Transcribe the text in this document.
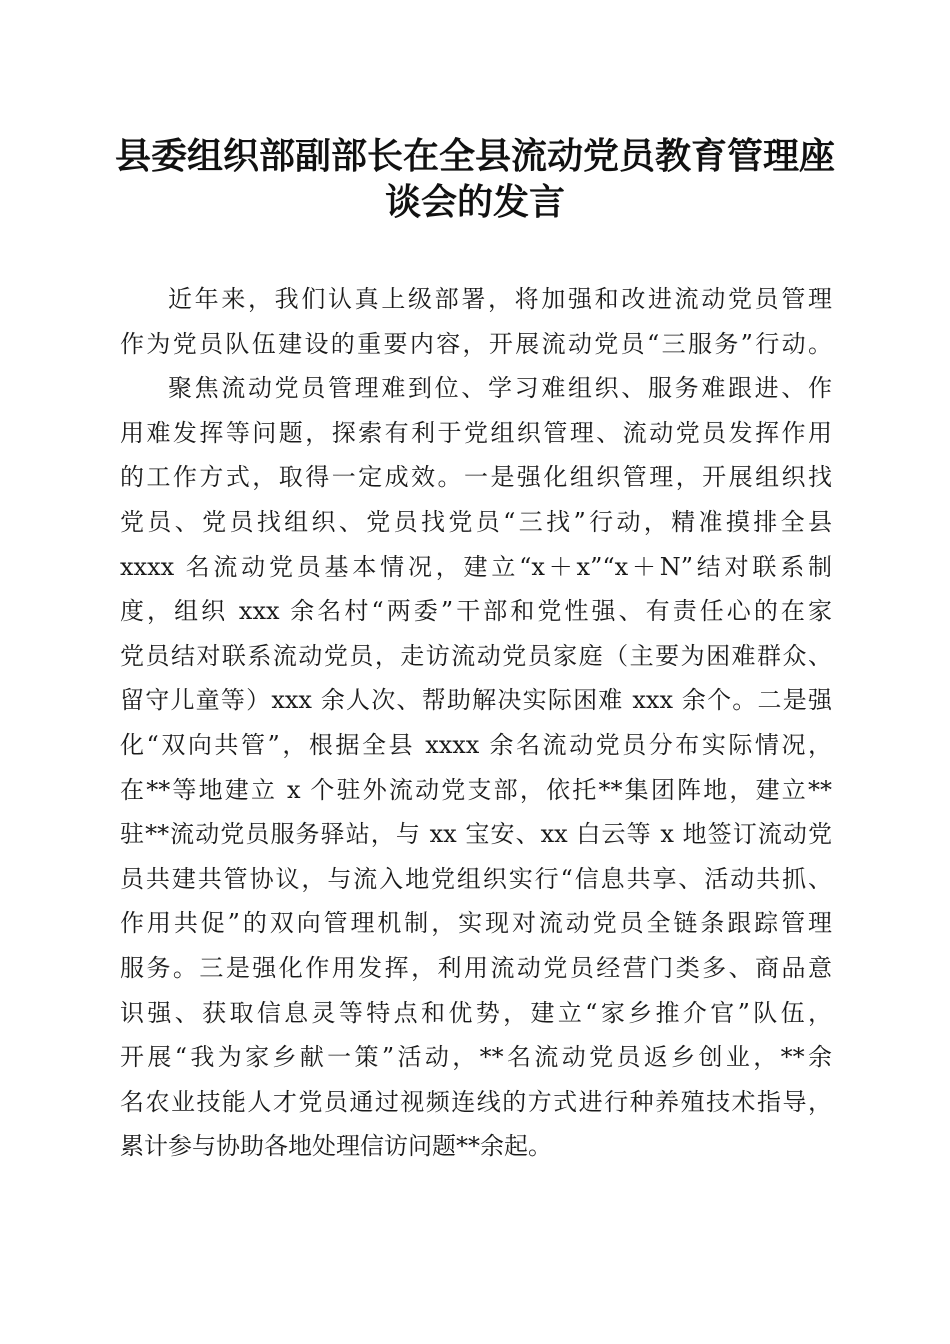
县委组织部副部长在全县流动党员教育管理座
谈会的发言
近年来，我们认真上级部署，将加强和改进流动党员管理
作为党员队伍建设的重要内容，开展流动党员“三服务”行动。
聚焦流动党员管理难到位、学习难组织、服务难跟进、作
用难发挥等问题，探索有利于党组织管理、流动党员发挥作用
的工作方式，取得一定成效。一是强化组织管理，开展组织找
党员、党员找组织、党员找党员“三找”行动，精准摸排全县
xxxx 名流动党员基本情况，建立“x＋x”“x＋N”结对联系制
度，组织 xxx 余名村“两委”干部和党性强、有责任心的在家
党员结对联系流动党员，走访流动党员家庭（主要为困难群众、
留守儿童等）xxx 余人次、帮助解决实际困难 xxx 余个。二是强
化“双向共管”，根据全县 xxxx 余名流动党员分布实际情况，
在**等地建立 x 个驻外流动党支部，依托**集团阵地，建立**
驻**流动党员服务驿站，与 xx 宝安、xx 白云等 x 地签订流动党
员共建共管协议，与流入地党组织实行“信息共享、活动共抓、
作用共促”的双向管理机制，实现对流动党员全链条跟踪管理
服务。三是强化作用发挥，利用流动党员经营门类多、商品意
识强、获取信息灵等特点和优势，建立“家乡推介官”队伍，
开展“我为家乡献一策”活动，**名流动党员返乡创业，**余
名农业技能人才党员通过视频连线的方式进行种养殖技术指导，
累计参与协助各地处理信访问题**余起。
